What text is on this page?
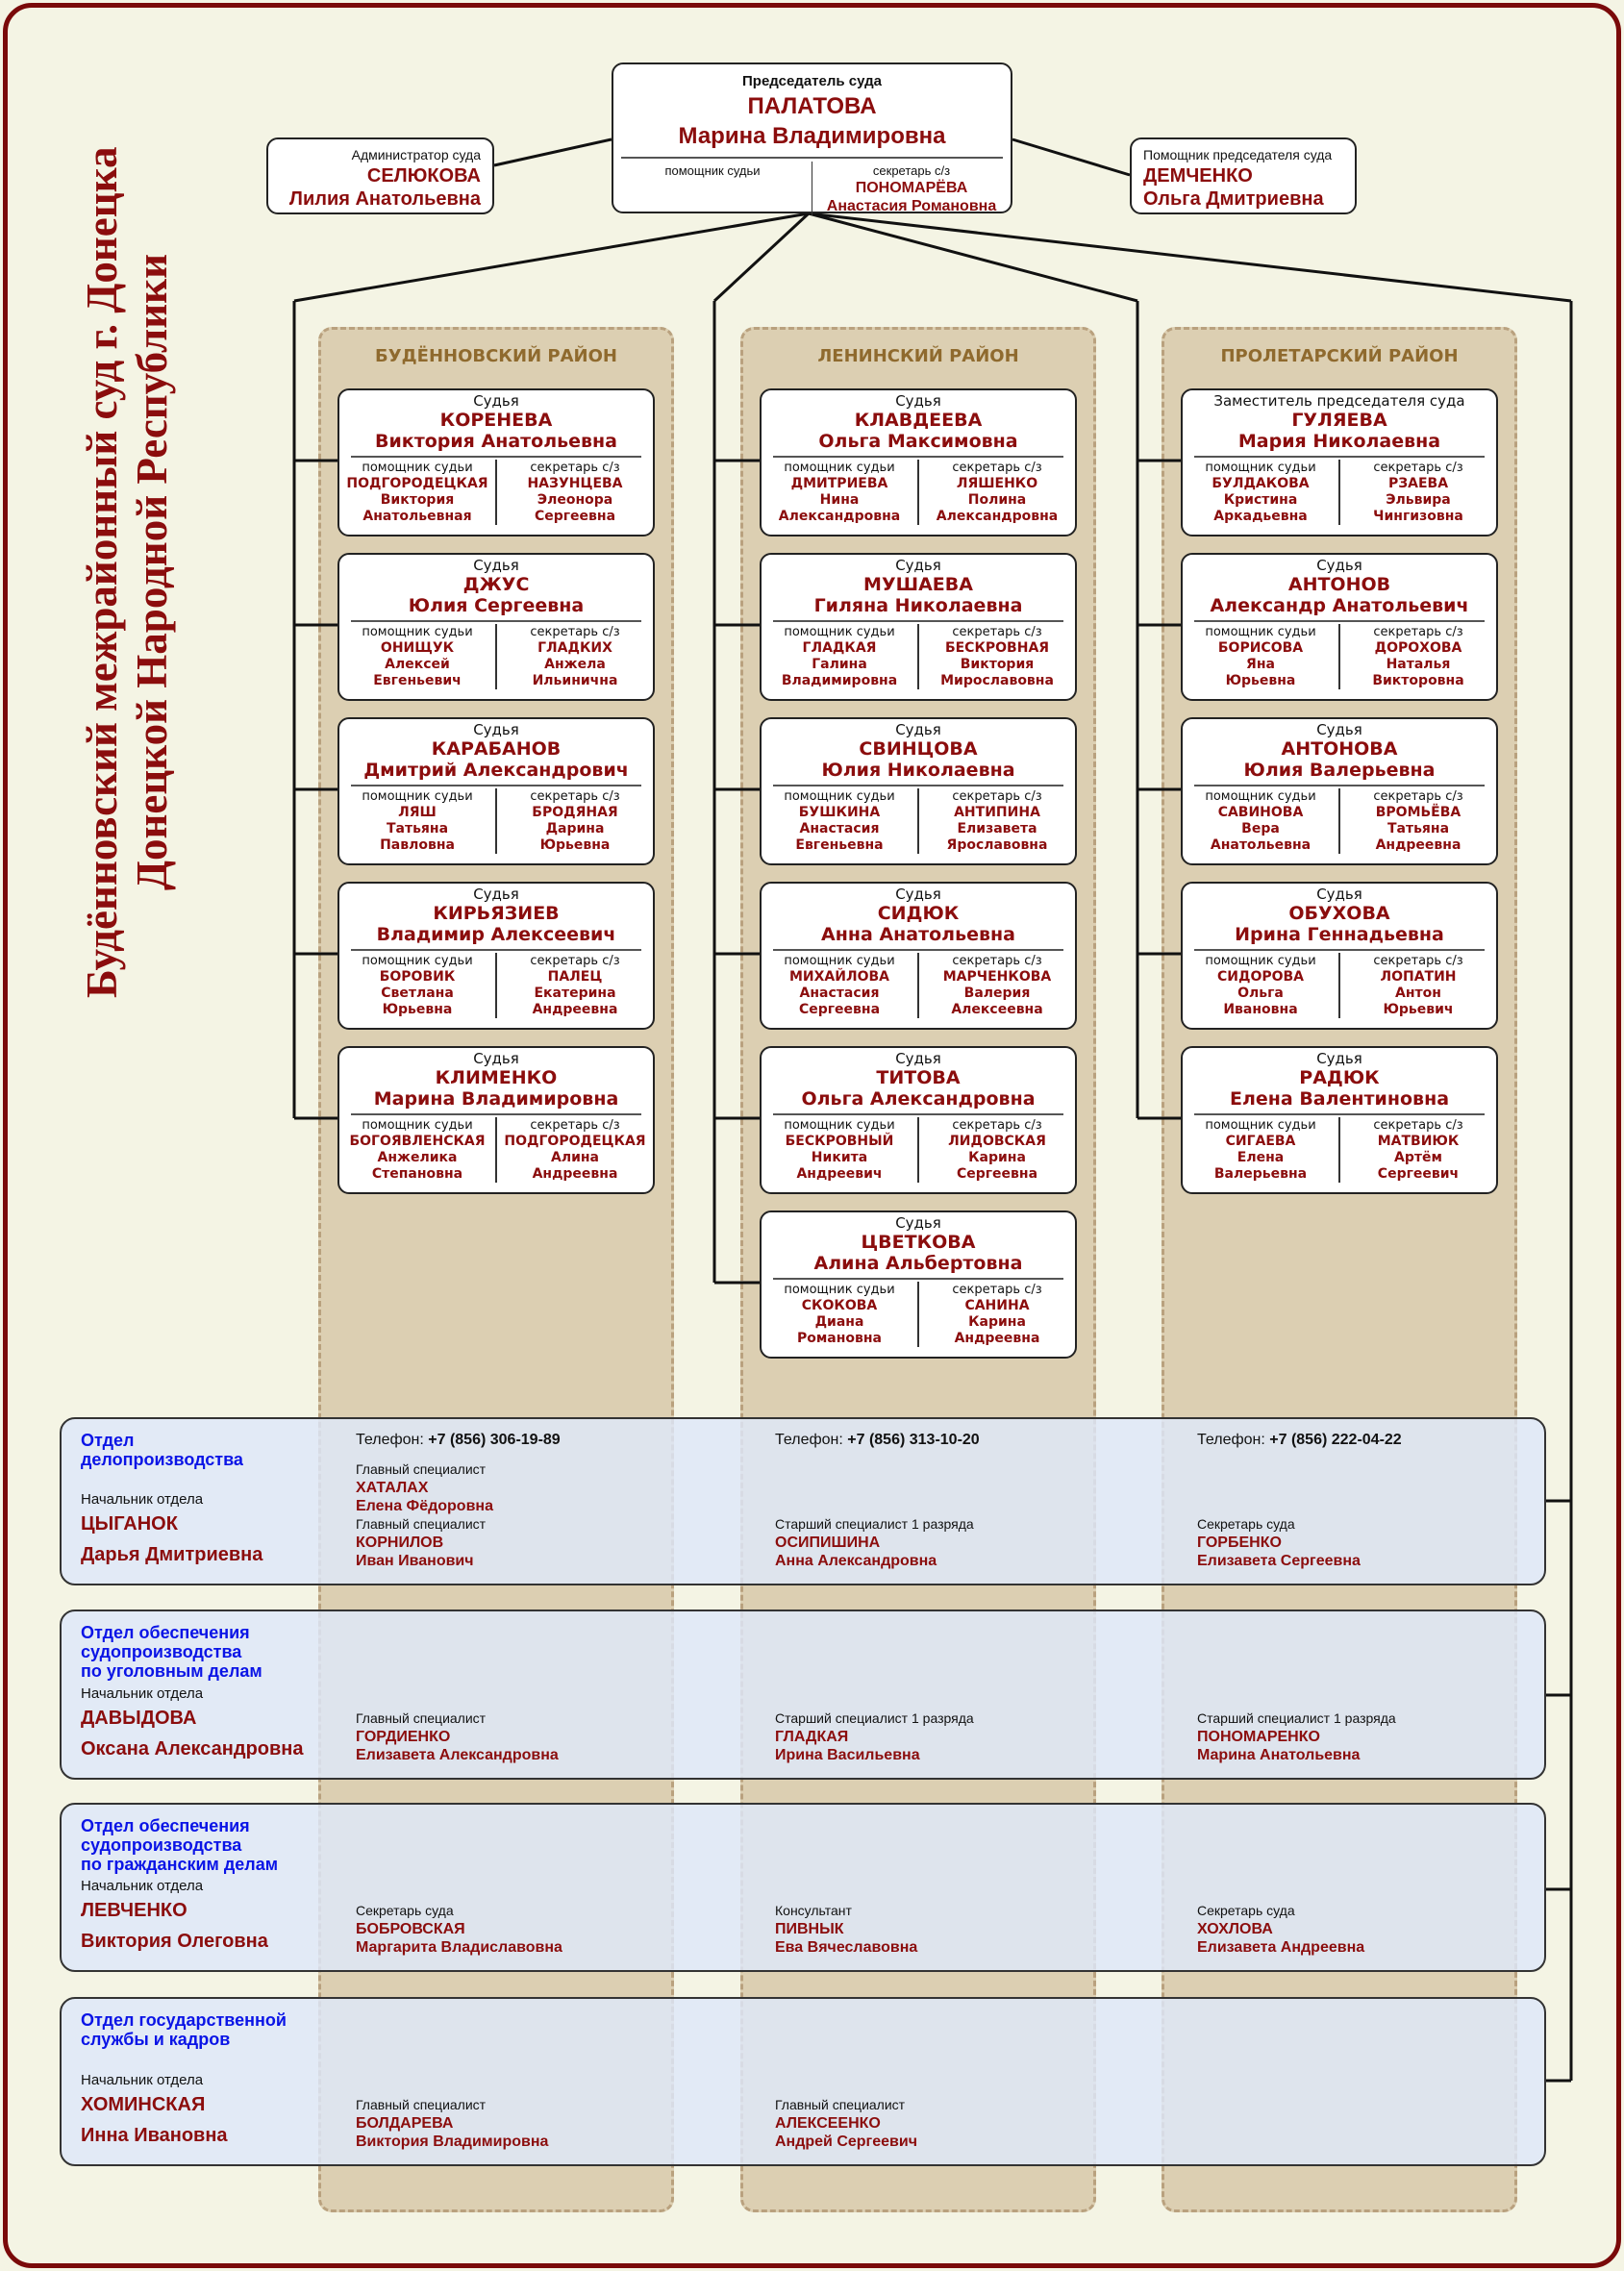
Будённовский межрайонный суд г. Донецка Донецкой Народной Республики
Председатель суда
ПАЛАТОВА
Марина Владимировна
помощник судьи	секретарь с/з
ПОНОМАРЁВА
Анастасия Романовна
Администратор суда
СЕЛЮКОВА
Лилия Анатольевна
Помощник председателя суда
ДЕМЧЕНКО
Ольга Дмитриевна
БУДЁННОВСКИЙ РАЙОН
Судья
КОРЕНЕВА
Виктория Анатольевна
помощник судьи
ПОДГОРОДЕЦКАЯ
Виктория
Анатольевная
секретарь с/з
НАЗУНЦЕВА
Элеонора
Сергеевна
Судья
ДЖУС
Юлия Сергеевна
помощник судьи
ОНИЩУК
Алексей
Евгеньевич
секретарь с/з
ГЛАДКИХ
Анжела
Ильинична
Судья
КАРАБАНОВ
Дмитрий Александрович
помощник судьи
ЛЯШ
Татьяна
Павловна
секретарь с/з
БРОДЯНАЯ
Дарина
Юрьевна
Судья
КИРЬЯЗИЕВ
Владимир Алексеевич
помощник судьи
БОРОВИК
Светлана
Юрьевна
секретарь с/з
ПАЛЕЦ
Екатерина
Андреевна
Судья
КЛИМЕНКО
Марина Владимировна
помощник судьи
БОГОЯВЛЕНСКАЯ
Анжелика
Степановна
секретарь с/з
ПОДГОРОДЕЦКАЯ
Алина
Андреевна
ЛЕНИНСКИЙ РАЙОН
Судья
КЛАВДЕЕВА
Ольга Максимовна
помощник судьи
ДМИТРИЕВА
Нина
Александровна
секретарь с/з
ЛЯШЕНКО
Полина
Александровна
Судья
МУШАЕВА
Гиляна Николаевна
помощник судьи
ГЛАДКАЯ
Галина
Владимировна
секретарь с/з
БЕСКРОВНАЯ
Виктория
Мирославовна
Судья
СВИНЦОВА
Юлия Николаевна
помощник судьи
БУШКИНА
Анастасия
Евгеньевна
секретарь с/з
АНТИПИНА
Елизавета
Ярославовна
Судья
СИДЮК
Анна Анатольевна
помощник судьи
МИХАЙЛОВА
Анастасия
Сергеевна
секретарь с/з
МАРЧЕНКОВА
Валерия
Алексеевна
Судья
ТИТОВА
Ольга Александровна
помощник судьи
БЕСКРОВНЫЙ
Никита
Андреевич
секретарь с/з
ЛИДОВСКАЯ
Карина
Сергеевна
Судья
ЦВЕТКОВА
Алина Альбертовна
помощник судьи
СКОКОВА
Диана
Романовна
секретарь с/з
САНИНА
Карина
Андреевна
ПРОЛЕТАРСКИЙ РАЙОН
Заместитель председателя суда
ГУЛЯЕВА
Мария Николаевна
помощник судьи
БУЛДАКОВА
Кристина
Аркадьевна
секретарь с/з
РЗАЕВА
Эльвира
Чингизовна
Судья
АНТОНОВ
Александр Анатольевич
помощник судьи
БОРИСОВА
Яна
Юрьевна
секретарь с/з
ДОРОХОВА
Наталья
Викторовна
Судья
АНТОНОВА
Юлия Валерьевна
помощник судьи
САВИНОВА
Вера
Анатольевна
секретарь с/з
ВРОМЬЁВА
Татьяна
Андреевна
Судья
ОБУХОВА
Ирина Геннадьевна
помощник судьи
СИДОРОВА
Ольга
Ивановна
секретарь с/з
ЛОПАТИН
Антон
Юрьевич
Судья
РАДЮК
Елена Валентиновна
помощник судьи
СИГАЕВА
Елена
Валерьевна
секретарь с/з
МАТВИЮК
Артём
Сергеевич
Отдел
делопроизводства
Начальник отдела
ЦЫГАНОК
Дарья Дмитриевна
Телефон: +7 (856) 306-19-89
Главный специалист
ХАТАЛАХ
Елена Фёдоровна
Главный специалист
КОРНИЛОВ
Иван Иванович
Телефон: +7 (856) 313-10-20
Старший специалист 1 разряда
ОСИПИШИНА
Анна Александровна
Телефон: +7 (856) 222-04-22
Секретарь суда
ГОРБЕНКО
Елизавета Сергеевна
Отдел обеспечения
судопроизводства
по уголовным делам
Начальник отдела
ДАВЫДОВА
Оксана Александровна
Главный специалист
ГОРДИЕНКО
Елизавета Александровна
Старший специалист 1 разряда
ГЛАДКАЯ
Ирина Васильевна
Старший специалист 1 разряда
ПОНОМАРЕНКО
Марина Анатольевна
Отдел обеспечения
судопроизводства
по гражданским делам
Начальник отдела
ЛЕВЧЕНКО
Виктория Олеговна
Секретарь суда
БОБРОВСКАЯ
Маргарита Владиславовна
Консультант
ПИВНЫК
Ева Вячеславовна
Секретарь суда
ХОХЛОВА
Елизавета Андреевна
Отдел государственной
службы и кадров
Начальник отдела
ХОМИНСКАЯ
Инна Ивановна
Главный специалист
БОЛДАРЕВА
Виктория Владимировна
Главный специалист
АЛЕКСЕЕНКО
Андрей Сергеевич
